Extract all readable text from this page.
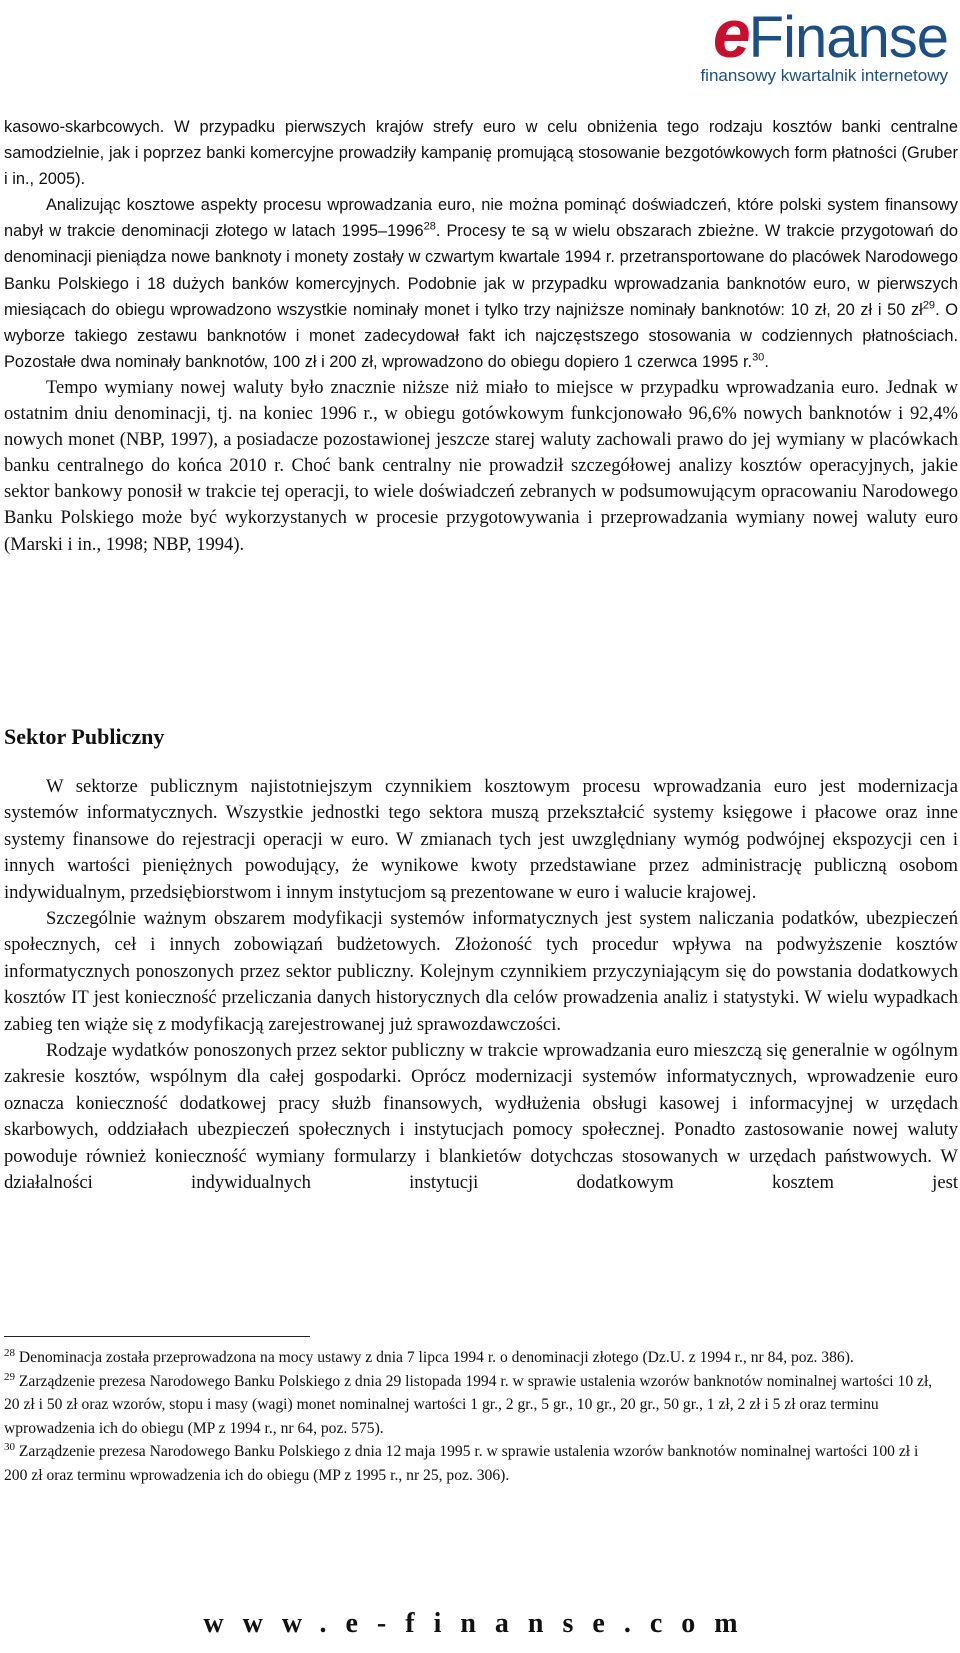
eFinanse
finansowy kwartalnik internetowy

kasowo-skarbcowych. W przypadku pierwszych krajów strefy euro w celu obniżenia tego rodzaju kosztów banki centralne samodzielnie, jak i poprzez banki komercyjne prowadziły kampanię promującą stosowanie bezgotówkowych form płatności (Gruber i in., 2005).

Analizując kosztowe aspekty procesu wprowadzania euro, nie można pominąć doświadczeń, które polski system finansowy nabył w trakcie denominacji złotego w latach 1995–1996$^{28}$. Procesy te są w wielu obszarach zbieżne. W trakcie przygotowań do denominacji pieniądza nowe banknoty i monety zostały w czwartym kwartale 1994 r. przetransportowane do placówek Narodowego Banku Polskiego i 18 dużych banków komercyjnych. Podobnie jak w przypadku wprowadzania banknotów euro, w pierwszych miesiącach do obiegu wprowadzono wszystkie nominały monet i tylko trzy najniższe nominały banknotów: 10 zł, 20 zł i 50 $zł^{29}$. O wyborze takiego zestawu banknotów i monet zadecydował fakt ich najczęstszego stosowania w codziennych płatnościach. Pozostałe dwa nominały banknotów, 100 zł i 200 zł, wprowadzono do obiegu dopiero 1 czerwca 1995 r.$^{30}$.

Tempo wymiany nowej waluty było znacznie niższe niż miało to miejsce w przypadku wprowadzania euro. Jednak w ostatnim dniu denominacji, tj. na koniec 1996 r., w obiegu gotówkowym funkcjonowało 96,6% nowych banknotów i 92,4% nowych monet (NBP, 1997), a posiadacze pozostawionej jeszcze starej waluty zachowali prawo do jej wymiany w placówkach banku centralnego do końca 2010 r. Choć bank centralny nie prowadził szczegółowej analizy kosztów operacyjnych, jakie sektor bankowy ponosił w trakcie tej operacji, to wiele doświadczeń zebranych w podsumowującym opracowaniu Narodowego Banku Polskiego może być wykorzystanych w procesie przygotowywania i przeprowadzania wymiany nowej waluty euro (Marski i in., 1998; NBP, 1994).

Sektor Publiczny

W sektorze publicznym najistotniejszym czynnikiem kosztowym procesu wprowadzania euro jest modernizacja systemów informatycznych. Wszystkie jednostki tego sektora muszą przekształcić systemy księgowe i płacowe oraz inne systemy finansowe do rejestracji operacji w euro. W zmianach tych jest uwzględniany wymóg podwójnej ekspozycji cen i innych wartości pieniężnych powodujący, że wynikowe kwoty przedstawiane przez administrację publiczną osobom indywidualnym, przedsiębiorstwom i innym instytucjom są prezentowane w euro i walucie krajowej.

Szczególnie ważnym obszarem modyfikacji systemów informatycznych jest system naliczania podatków, ubezpieczeń społecznych, ceł i innych zobowiązań budżetowych. Złożoność tych procedur wpływa na podwyższenie kosztów informatycznych ponoszonych przez sektor publiczny. Kolejnym czynnikiem przyczyniającym się do powstania dodatkowych kosztów IT jest konieczność przeliczania danych historycznych dla celów prowadzenia analiz i statystyki. W wielu wypadkach zabieg ten wiąże się z modyfikacją zarejestrowanej już sprawozdawczości.

Rodzaje wydatków ponoszonych przez sektor publiczny w trakcie wprowadzania euro mieszczą się generalnie w ogólnym zakresie kosztów, wspólnym dla całej gospodarki. Oprócz modernizacji systemów informatycznych, wprowadzenie euro oznacza konieczność dodatkowej pracy służb finansowych, wydłużenia obsługi kasowej i informacyjnej w urzędach skarbowych, oddziałach ubezpieczeń społecznych i instytucjach pomocy społecznej. Ponadto zastosowanie nowej waluty powoduje również konieczność wymiany formularzy i blankietów dotychczas stosowanych w urzędach państwowych. W działalności indywidualnych instytucji dodatkowym kosztem jest

$^{28}$ Denominacja została przeprowadzona na mocy ustawy z dnia 7 lipca 1994 r. o denominacji złotego (Dz.U. z 1994 r., nr 84, poz. 386).

$^{29}$ Zarządzenie prezesa Narodowego Banku Polskiego z dnia 29 listopada 1994 r. w sprawie ustalenia wzorów banknotów nominalnej wartości 10 zł, 20 zł i 50 zł oraz wzorów, stopu i masy (wagi) monet nominalnej wartości 1 gr., 2 gr., 5 gr., 10 gr., 20 gr., 50 gr., 1 zł, 2 zł i 5 zł oraz terminu wprowadzenia ich do obiegu (MP z 1994 r., nr 64, poz. 575).

$^{30}$ Zarządzenie prezesa Narodowego Banku Polskiego z dnia 12 maja 1995 r. w sprawie ustalenia wzorów banknotów nominalnej wartości 100 zł i 200 zł oraz terminu wprowadzenia ich do obiegu (MP z 1995 r., nr 25, poz. 306).

www.e-finanse.com
